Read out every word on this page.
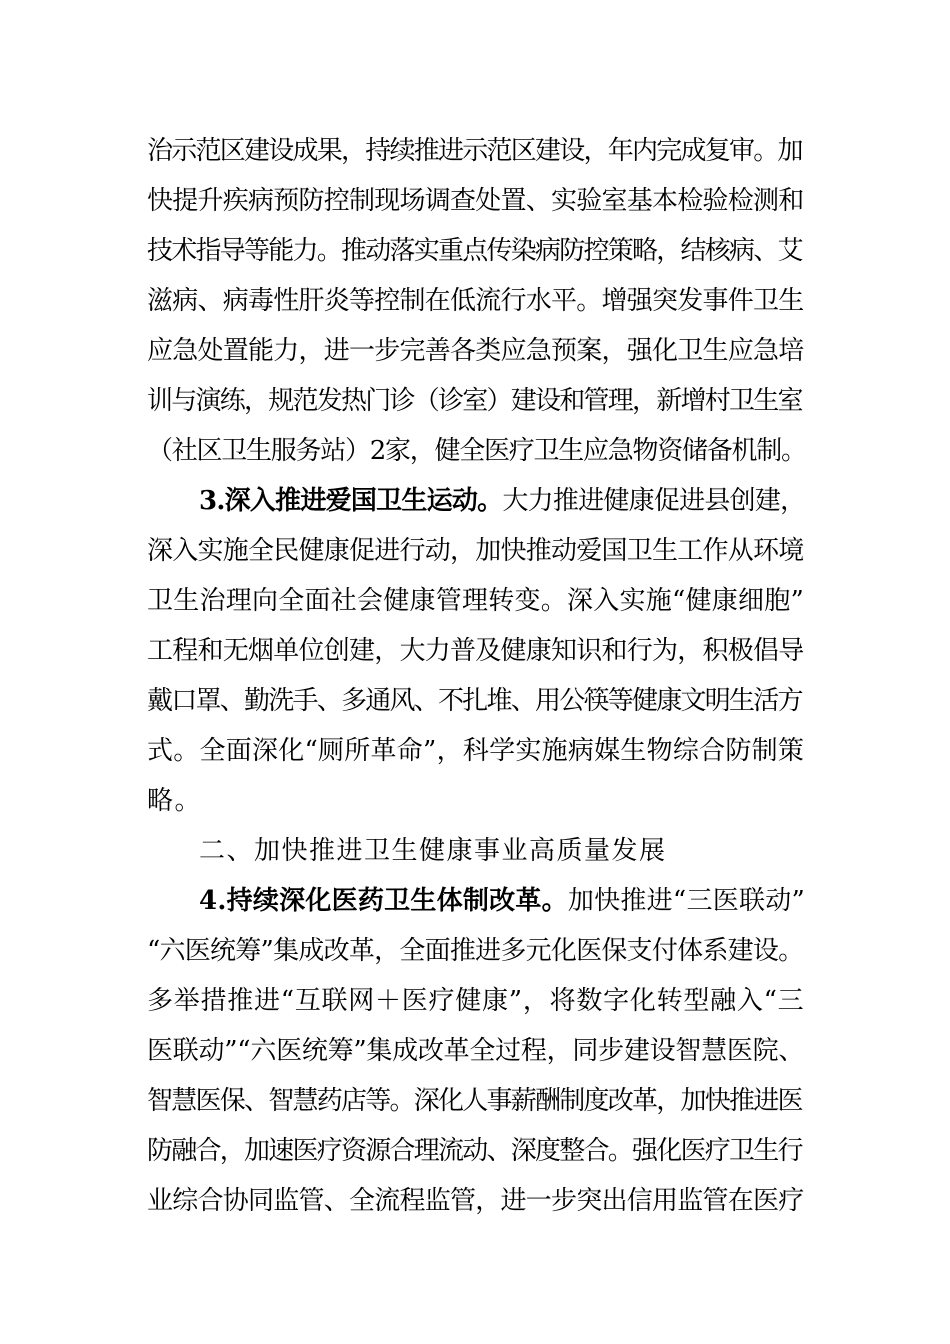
治示范区建设成果，持续推进示范区建设，年内完成复审。加
快提升疾病预防控制现场调查处置、实验室基本检验检测和
技术指导等能力。推动落实重点传染病防控策略，结核病、艾
滋病、病毒性肝炎等控制在低流行水平。增强突发事件卫生
应急处置能力，进一步完善各类应急预案，强化卫生应急培
训与演练，规范发热门诊（诊室）建设和管理，新增村卫生室
（社区卫生服务站）2家，健全医疗卫生应急物资储备机制。
3.深入推进爱国卫生运动。大力推进健康促进县创建，
深入实施全民健康促进行动，加快推动爱国卫生工作从环境
卫生治理向全面社会健康管理转变。深入实施“健康细胞”
工程和无烟单位创建，大力普及健康知识和行为，积极倡导
戴口罩、勤洗手、多通风、不扎堆、用公筷等健康文明生活方
式。全面深化“厕所革命”，科学实施病媒生物综合防制策
略。
二、加快推进卫生健康事业高质量发展
4.持续深化医药卫生体制改革。加快推进“三医联动”
“六医统筹”集成改革，全面推进多元化医保支付体系建设。
多举措推进“互联网＋医疗健康”，将数字化转型融入“三
医联动”“六医统筹”集成改革全过程，同步建设智慧医院、
智慧医保、智慧药店等。深化人事薪酬制度改革，加快推进医
防融合，加速医疗资源合理流动、深度整合。强化医疗卫生行
业综合协同监管、全流程监管，进一步突出信用监管在医疗
